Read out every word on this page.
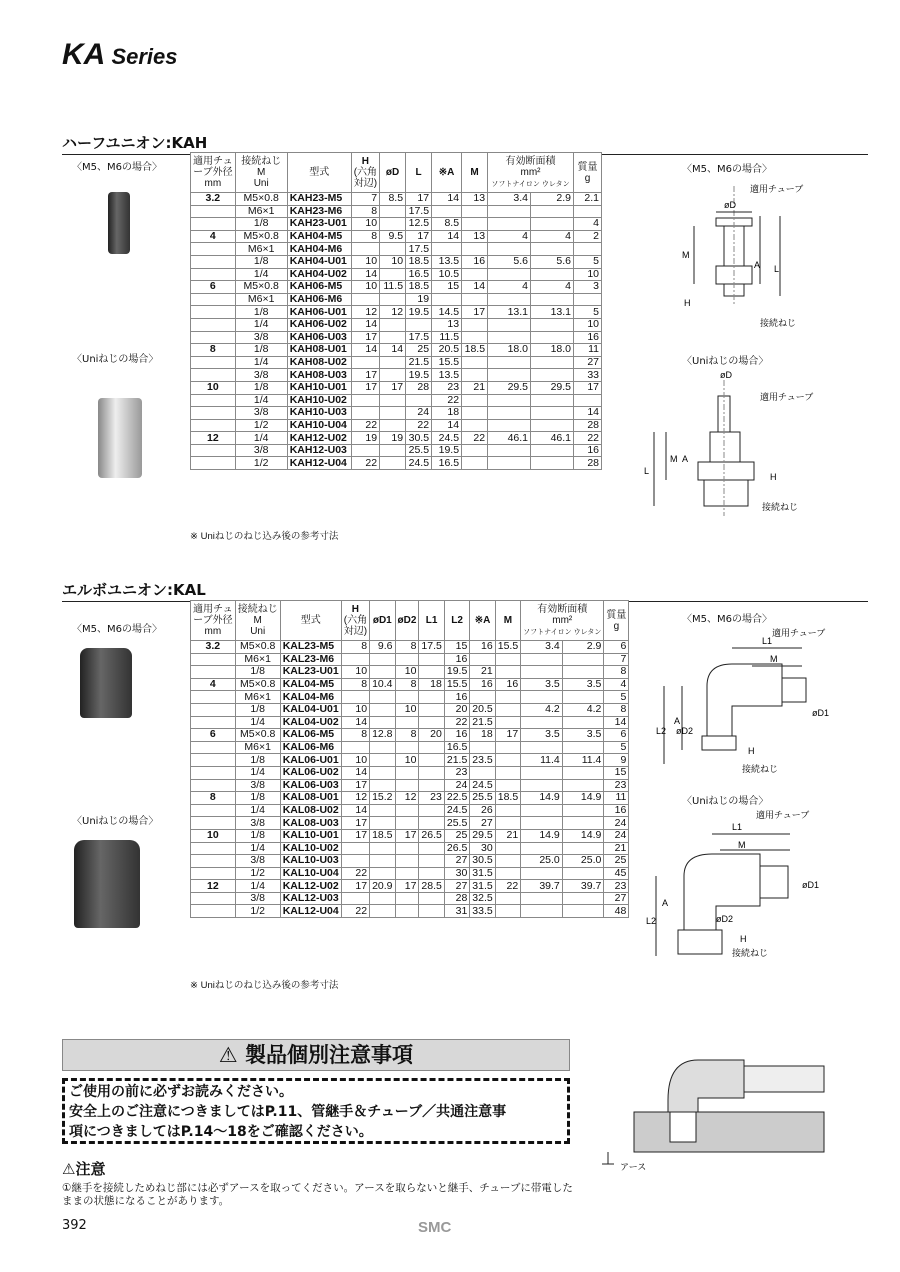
KA Series
ハーフユニオン:KAH
〈M5、M6の場合〉
〈Uniねじの場合〉
適用チュ
ーブ外径
mm	接続ねじ
M
Uni	型式	H
(六角
対辺)	øD	L	※A	M	有効断面積
mm²
ソフトナイロン ウレタン		質量
g
3.2	M5×0.8	KAH23-M5	7	8.5	17	14	13	3.4	2.9	2.1
	M6×1	KAH23-M6	8		17.5					
	1/8	KAH23-U01	10		12.5	8.5				4
4	M5×0.8	KAH04-M5	8	9.5	17	14	13	4	4	2
	M6×1	KAH04-M6			17.5					
	1/8	KAH04-U01	10	10	18.5	13.5	16	5.6	5.6	5
	1/4	KAH04-U02	14		16.5	10.5				10
6	M5×0.8	KAH06-M5	10	11.5	18.5	15	14	4	4	3
	M6×1	KAH06-M6			19					
	1/8	KAH06-U01	12	12	19.5	14.5	17	13.1	13.1	5
	1/4	KAH06-U02	14			13				10
	3/8	KAH06-U03	17		17.5	11.5				16
8	1/8	KAH08-U01	14	14	25	20.5	18.5	18.0	18.0	11
	1/4	KAH08-U02			21.5	15.5				27
	3/8	KAH08-U03	17		19.5	13.5				33
10	1/8	KAH10-U01	17	17	28	23	21	29.5	29.5	17
	1/4	KAH10-U02				22				
	3/8	KAH10-U03			24	18				14
	1/2	KAH10-U04	22		22	14				28
12	1/4	KAH12-U02	19	19	30.5	24.5	22	46.1	46.1	22
	3/8	KAH12-U03			25.5	19.5				16
	1/2	KAH12-U04	22		24.5	16.5				28
※ Uniねじのねじ込み後の参考寸法
〈M5、M6の場合〉
øD
適用チューブ
M
A L
H
接続ねじ
〈Uniねじの場合〉
øD
適用チューブ
L
M A
H
接続ねじ
エルボユニオン:KAL
〈M5、M6の場合〉
〈Uniねじの場合〉
適用チュ
ーブ外径
mm	接続ねじ
M
Uni	型式	H
(六角
対辺)	øD1	øD2	L1	L2	※A	M	有効断面積
mm²
ソフトナイロン ウレタン		質量
g
3.2	M5×0.8	KAL23-M5	8	9.6	8	17.5	15	16	15.5	3.4	2.9	6
	M6×1	KAL23-M6					16					7
	1/8	KAL23-U01	10		10		19.5	21				8
4	M5×0.8	KAL04-M5	8	10.4	8	18	15.5	16	16	3.5	3.5	4
	M6×1	KAL04-M6					16					5
	1/8	KAL04-U01	10		10		20	20.5		4.2	4.2	8
	1/4	KAL04-U02	14				22	21.5				14
6	M5×0.8	KAL06-M5	8	12.8	8	20	16	18	17	3.5	3.5	6
	M6×1	KAL06-M6					16.5					5
	1/8	KAL06-U01	10		10		21.5	23.5		11.4	11.4	9
	1/4	KAL06-U02	14				23					15
	3/8	KAL06-U03	17				24	24.5				23
8	1/8	KAL08-U01	12	15.2	12	23	22.5	25.5	18.5	14.9	14.9	11
	1/4	KAL08-U02	14				24.5	26				16
	3/8	KAL08-U03	17				25.5	27				24
10	1/8	KAL10-U01	17	18.5	17	26.5	25	29.5	21	14.9	14.9	24
	1/4	KAL10-U02					26.5	30				21
	3/8	KAL10-U03					27	30.5		25.0	25.0	25
	1/2	KAL10-U04	22				30	31.5				45
12	1/4	KAL12-U02	17	20.9	17	28.5	27	31.5	22	39.7	39.7	23
	3/8	KAL12-U03					28	32.5				27
	1/2	KAL12-U04	22				31	33.5				48
※ Uniねじのねじ込み後の参考寸法
〈M5、M6の場合〉
L1
M
適用チューブ
L2
A
øD2
øD1
H
接続ねじ
〈Uniねじの場合〉
L1
M
適用チューブ
L2
A
øD2
øD1
H
接続ねじ
⚠ 製品個別注意事項
ご使用の前に必ずお読みください。
安全上のご注意につきましてはP.11、管継手＆チューブ／共通注意事
項につきましてはP.14〜18をご確認ください。
⚠注意
①継手を接続しためねじ部には必ずアースを取ってください。アースを取らないと継手、チューブに帯電したままの状態になることがあります。
アース
392	SMC
